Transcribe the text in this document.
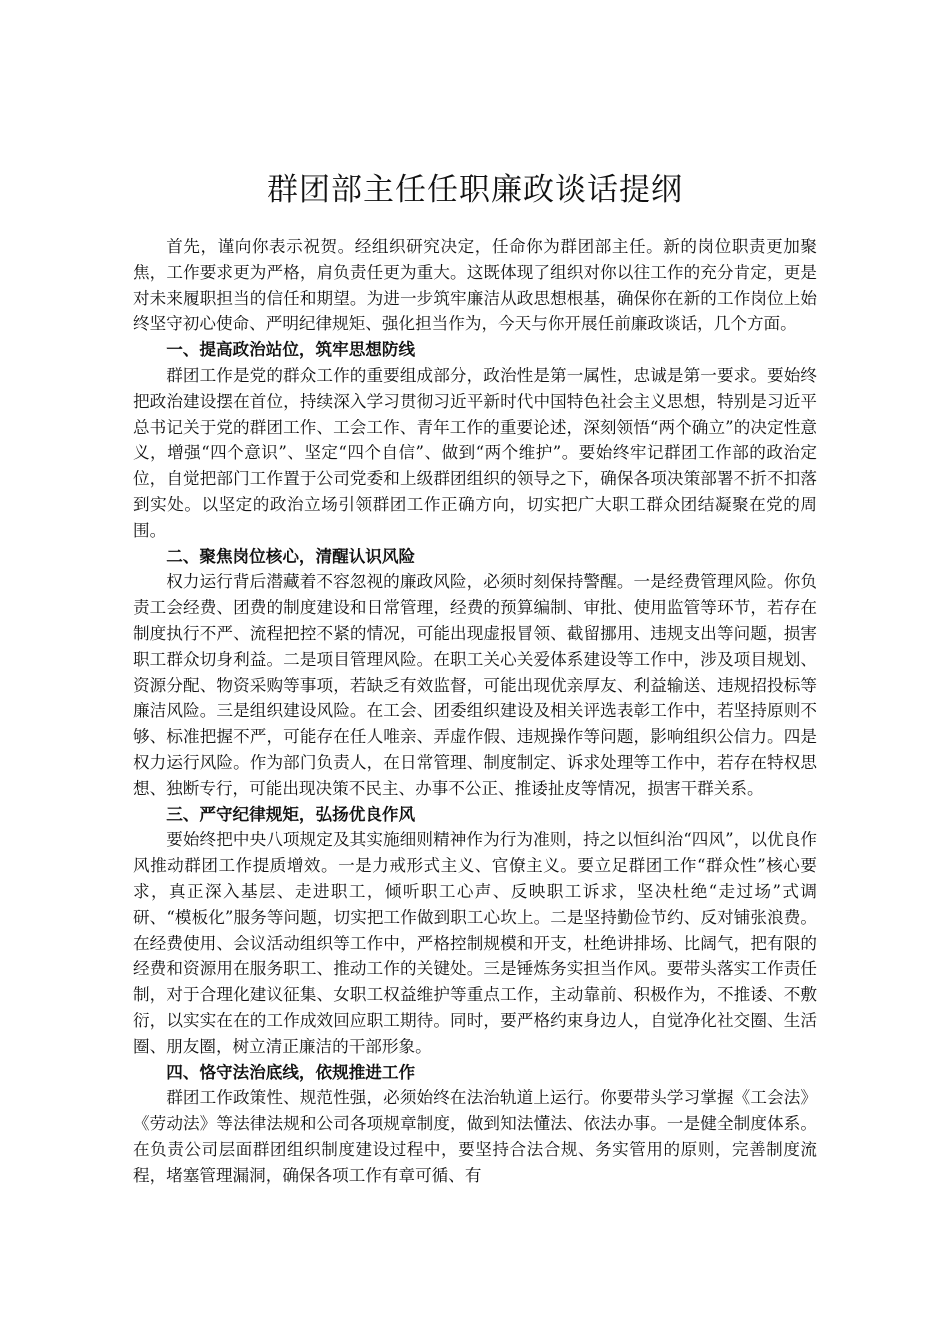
群团部主任任职廉政谈话提纲

首先，谨向你表示祝贺。经组织研究决定，任命你为群团部主任。新的岗位职责更加聚焦，工作要求更为严格，肩负责任更为重大。这既体现了组织对你以往工作的充分肯定，更是对未来履职担当的信任和期望。为进一步筑牢廉洁从政思想根基，确保你在新的工作岗位上始终坚守初心使命、严明纪律规矩、强化担当作为，今天与你开展任前廉政谈话，几个方面。

一、提高政治站位，筑牢思想防线

群团工作是党的群众工作的重要组成部分，政治性是第一属性，忠诚是第一要求。要始终把政治建设摆在首位，持续深入学习贯彻习近平新时代中国特色社会主义思想，特别是习近平总书记关于党的群团工作、工会工作、青年工作的重要论述，深刻领悟“两个确立”的决定性意义，增强“四个意识”、坚定“四个自信”、做到“两个维护”。要始终牢记群团工作部的政治定位，自觉把部门工作置于公司党委和上级群团组织的领导之下，确保各项决策部署不折不扣落到实处。以坚定的政治立场引领群团工作正确方向，切实把广大职工群众团结凝聚在党的周围。

二、聚焦岗位核心，清醒认识风险

权力运行背后潜藏着不容忽视的廉政风险，必须时刻保持警醒。一是经费管理风险。你负责工会经费、团费的制度建设和日常管理，经费的预算编制、审批、使用监管等环节，若存在制度执行不严、流程把控不紧的情况，可能出现虚报冒领、截留挪用、违规支出等问题，损害职工群众切身利益。二是项目管理风险。在职工关心关爱体系建设等工作中，涉及项目规划、资源分配、物资采购等事项，若缺乏有效监督，可能出现优亲厚友、利益输送、违规招投标等廉洁风险。三是组织建设风险。在工会、团委组织建设及相关评选表彰工作中，若坚持原则不够、标准把握不严，可能存在任人唯亲、弄虚作假、违规操作等问题，影响组织公信力。四是权力运行风险。作为部门负责人，在日常管理、制度制定、诉求处理等工作中，若存在特权思想、独断专行，可能出现决策不民主、办事不公正、推诿扯皮等情况，损害干群关系。

三、严守纪律规矩，弘扬优良作风

要始终把中央八项规定及其实施细则精神作为行为准则，持之以恒纠治“四风”，以优良作风推动群团工作提质增效。一是力戒形式主义、官僚主义。要立足群团工作“群众性”核心要求，真正深入基层、走进职工，倾听职工心声、反映职工诉求，坚决杜绝“走过场”式调研、“模板化”服务等问题，切实把工作做到职工心坎上。二是坚持勤俭节约、反对铺张浪费。在经费使用、会议活动组织等工作中，严格控制规模和开支，杜绝讲排场、比阔气，把有限的经费和资源用在服务职工、推动工作的关键处。三是锤炼务实担当作风。要带头落实工作责任制，对于合理化建议征集、女职工权益维护等重点工作，主动靠前、积极作为，不推诿、不敷衍，以实实在在的工作成效回应职工期待。同时，要严格约束身边人，自觉净化社交圈、生活圈、朋友圈，树立清正廉洁的干部形象。

四、恪守法治底线，依规推进工作

群团工作政策性、规范性强，必须始终在法治轨道上运行。你要带头学习掌握《工会法》《劳动法》等法律法规和公司各项规章制度，做到知法懂法、依法办事。一是健全制度体系。在负责公司层面群团组织制度建设过程中，要坚持合法合规、务实管用的原则，完善制度流程，堵塞管理漏洞，确保各项工作有章可循、有
